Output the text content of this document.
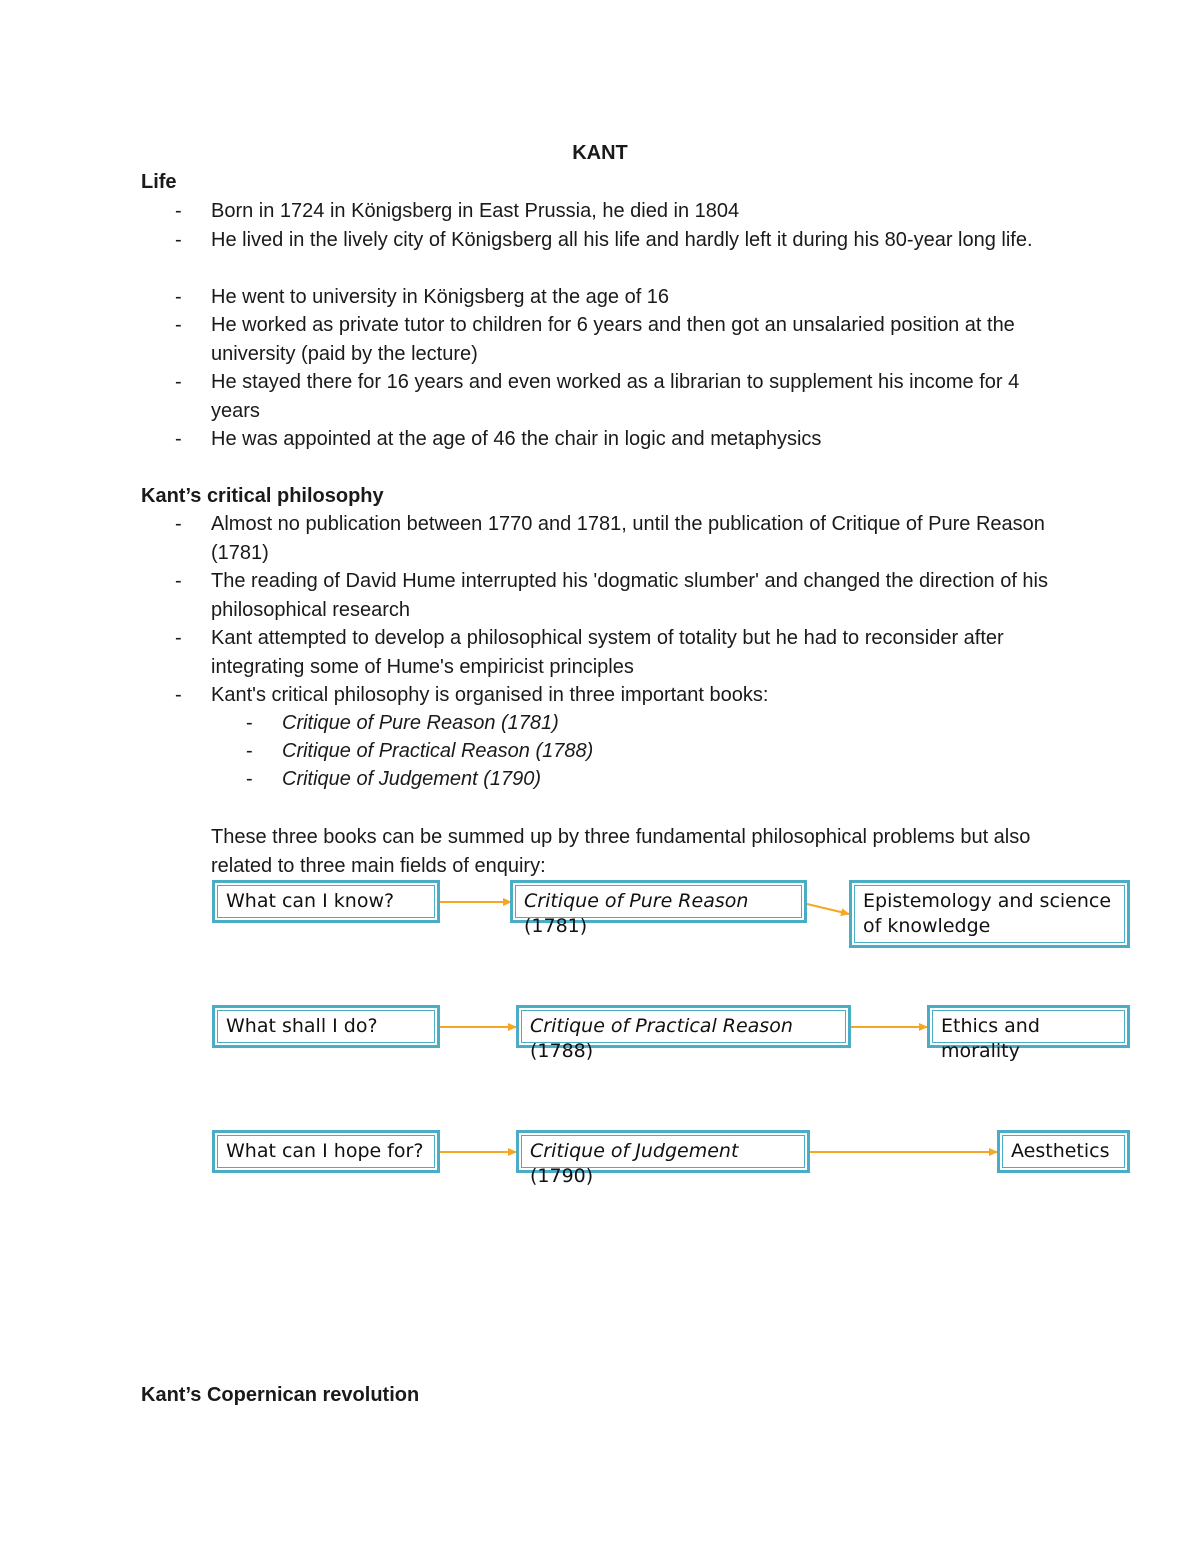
KANT
Life
-	Born in 1724 in Königsberg in East Prussia, he died in 1804
-	He lived in the lively city of Königsberg all his life and hardly left it during his 80-year long life.
-	He went to university in Königsberg at the age of 16
-	He worked as private tutor to children for 6 years and then got an unsalaried position at the university (paid by the lecture)
-	He stayed there for 16 years and even worked as a librarian to supplement his income for 4 years
-	He was appointed at the age of 46 the chair in logic and metaphysics
Kant’s critical philosophy
-	Almost no publication between 1770 and 1781, until the publication of Critique of Pure Reason (1781)
-	The reading of David Hume interrupted his 'dogmatic slumber' and changed the direction of his philosophical research
-	Kant attempted to develop a philosophical system of totality but he had to reconsider after integrating some of Hume's empiricist principles
-	Kant's critical philosophy is organised in three important books:
-	Critique of Pure Reason (1781)
-	Critique of Practical Reason (1788)
-	Critique of Judgement (1790)
These three books can be summed up by three fundamental philosophical problems but also related to three main fields of enquiry:
What can I know?	Critique of Pure Reason (1781)
Epistemology and science of knowledge
What shall I do?	Critique of Practical Reason (1788)
Ethics and morality
What can I hope for?	Critique of Judgement (1790)
Aesthetics
Kant’s Copernican revolution
